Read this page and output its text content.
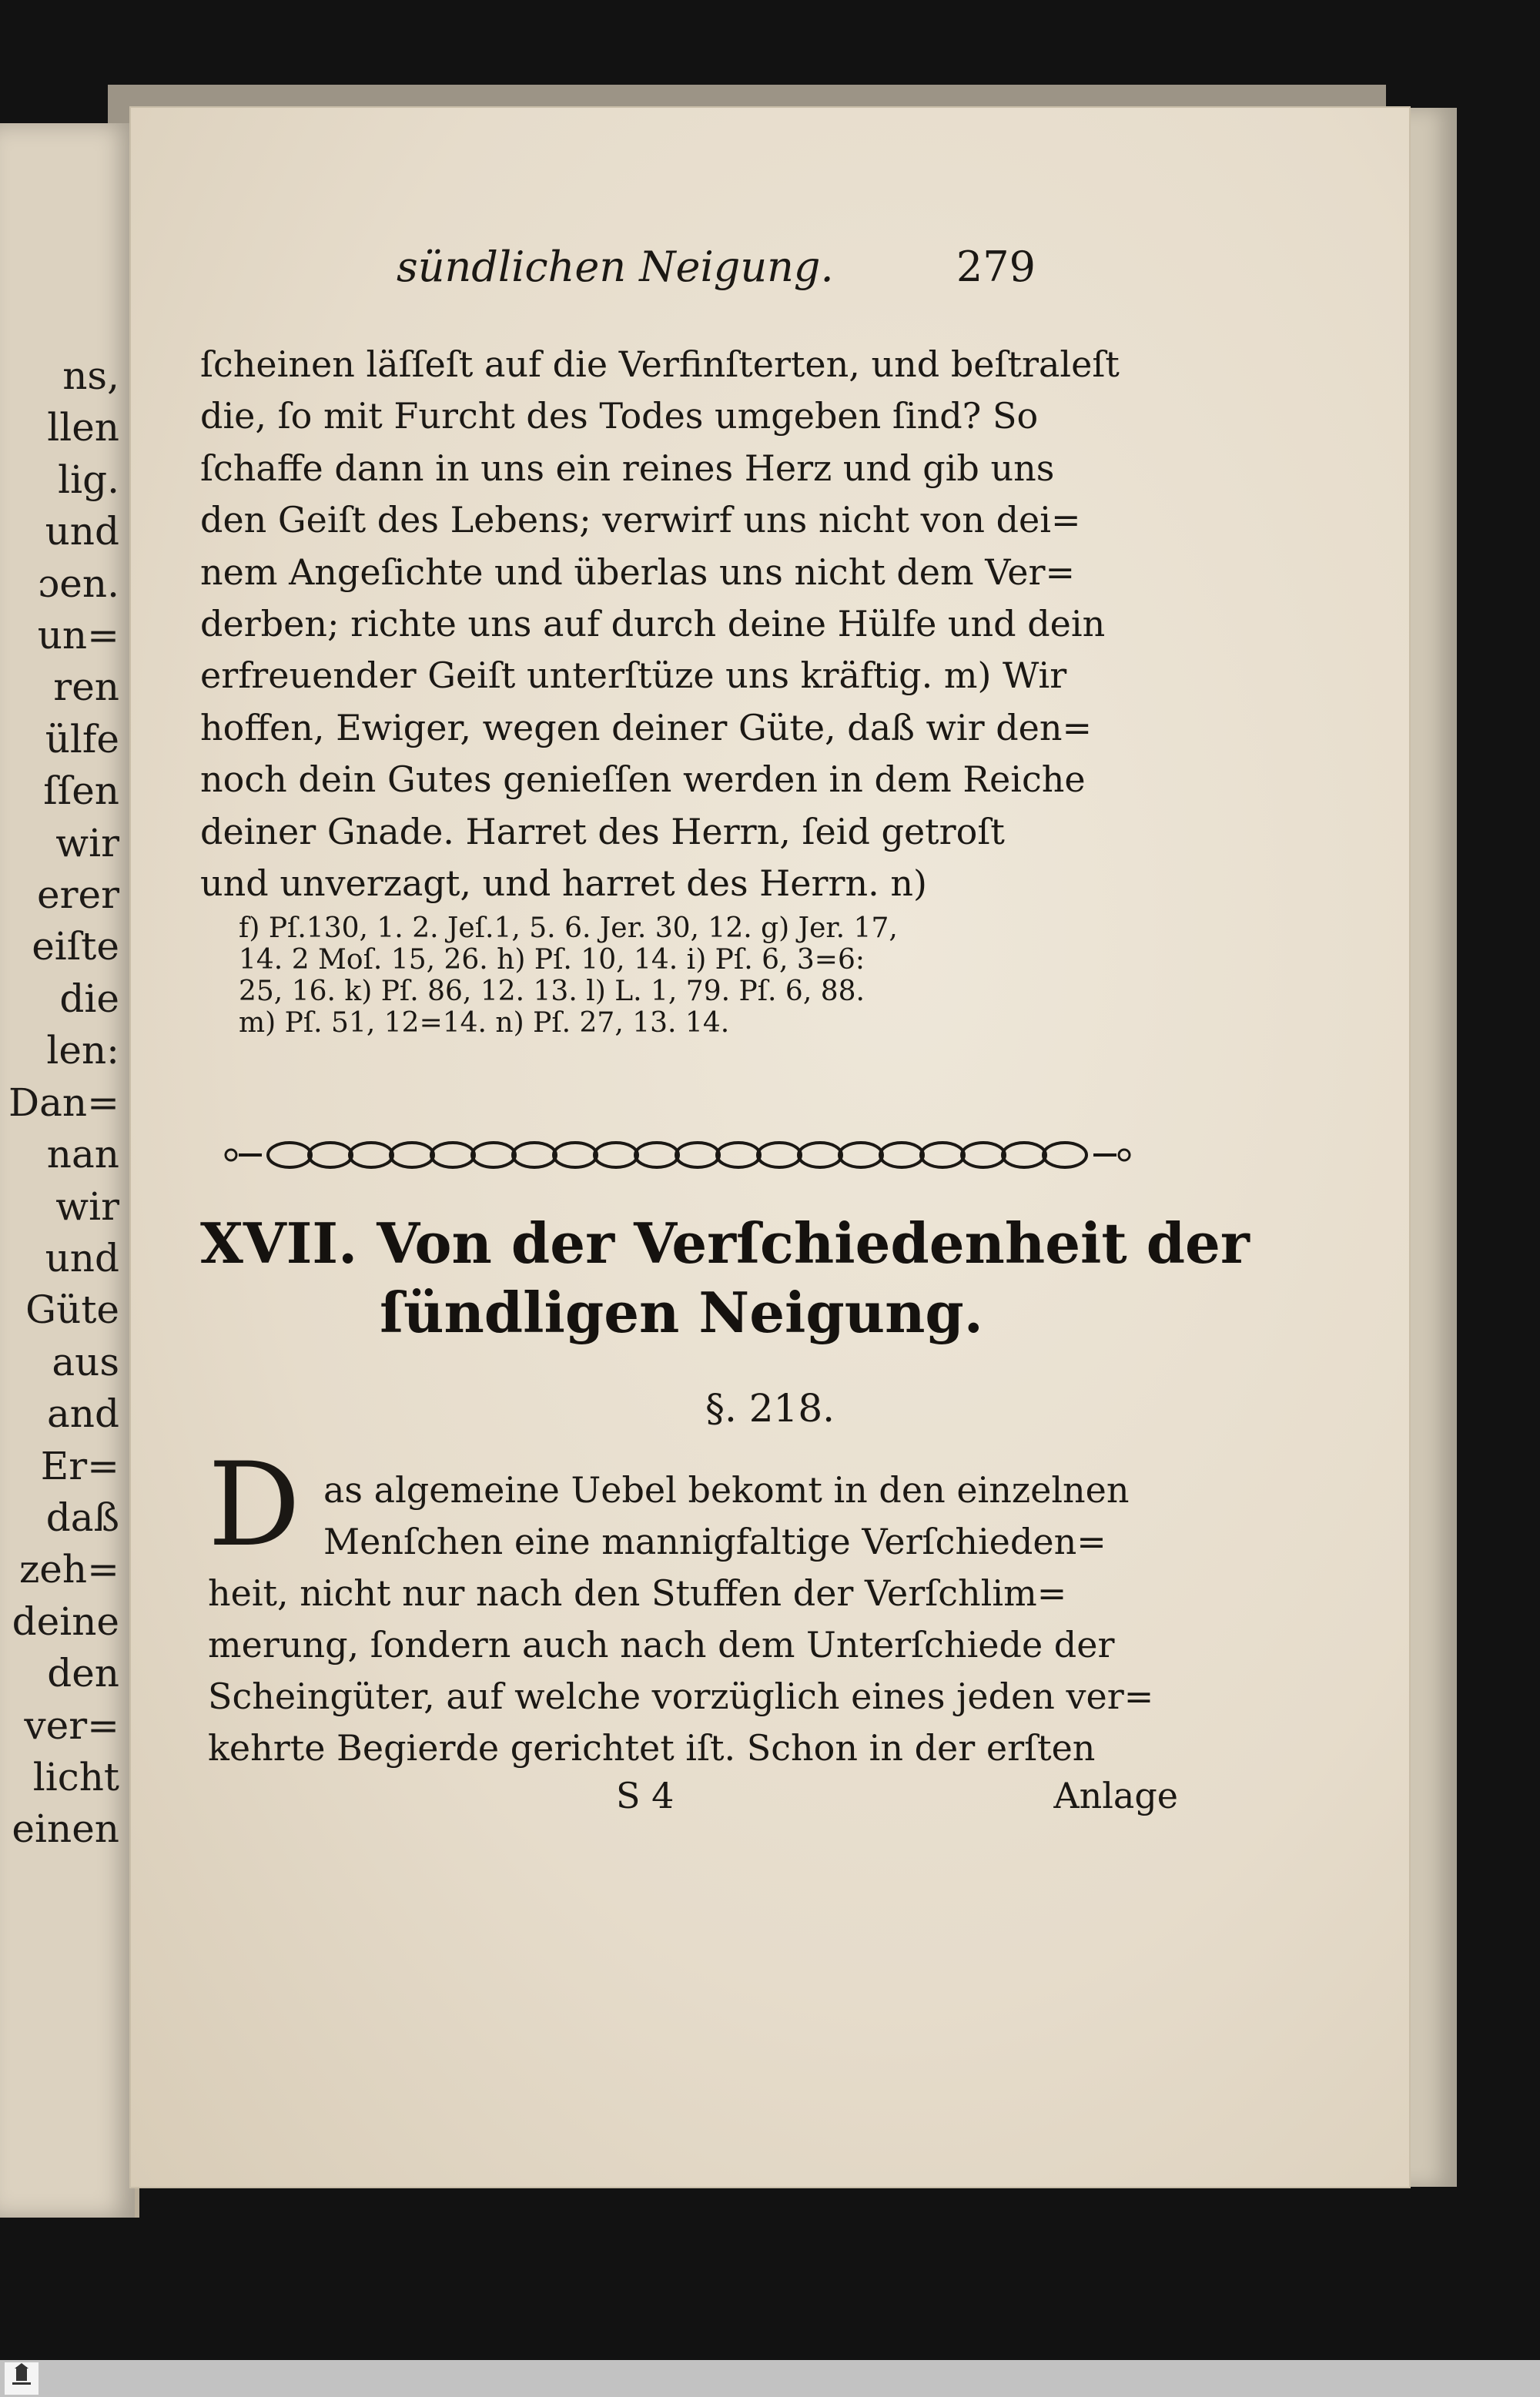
ns,
llen
lig.
und
ɔen.
un=
ren
ülfe
ſſen
wir
erer
eiſte
die
len:
Dan=
nan
wir
und
Güte
aus
and
Er=
daß
zeh=
deine
den
ver=
licht
einen
sündlichen Neigung.	279
ſcheinen läſſeſt auf die Verfinſterten, und beſtraleſt
die, ſo mit Furcht des Todes umgeben ſind? So
ſchaffe dann in uns ein reines Herz und gib uns
den Geiſt des Lebens; verwirf uns nicht von dei=
nem Angeſichte und überlas uns nicht dem Ver=
derben; richte uns auf durch deine Hülfe und dein
erfreuender Geiſt unterſtüze uns kräftig. m) Wir
hoffen, Ewiger, wegen deiner Güte, daß wir den=
noch dein Gutes genieſſen werden in dem Reiche
deiner Gnade. Harret des Herrn, ſeid getroſt
und unverzagt, und harret des Herrn. n)
f) Pſ.130, 1. 2. Jeſ.1, 5. 6. Jer. 30, 12. g) Jer. 17,
14. 2 Moſ. 15, 26. h) Pſ. 10, 14. i) Pſ. 6, 3=6:
25, 16. k) Pſ. 86, 12. 13. l) L. 1, 79. Pſ. 6, 88.
m) Pſ. 51, 12=14. n) Pſ. 27, 13. 14.
XVII. Von der Verſchiedenheit der
ſündligen Neigung.
§. 218.
D as algemeine Uebel bekomt in den einzelnen
Menſchen eine mannigfaltige Verſchieden=
heit, nicht nur nach den Stuffen der Verſchlim=
merung, ſondern auch nach dem Unterſchiede der
Scheingüter, auf welche vorzüglich eines jeden ver=
kehrte Begierde gerichtet iſt. Schon in der erſten
S 4	Anlage
